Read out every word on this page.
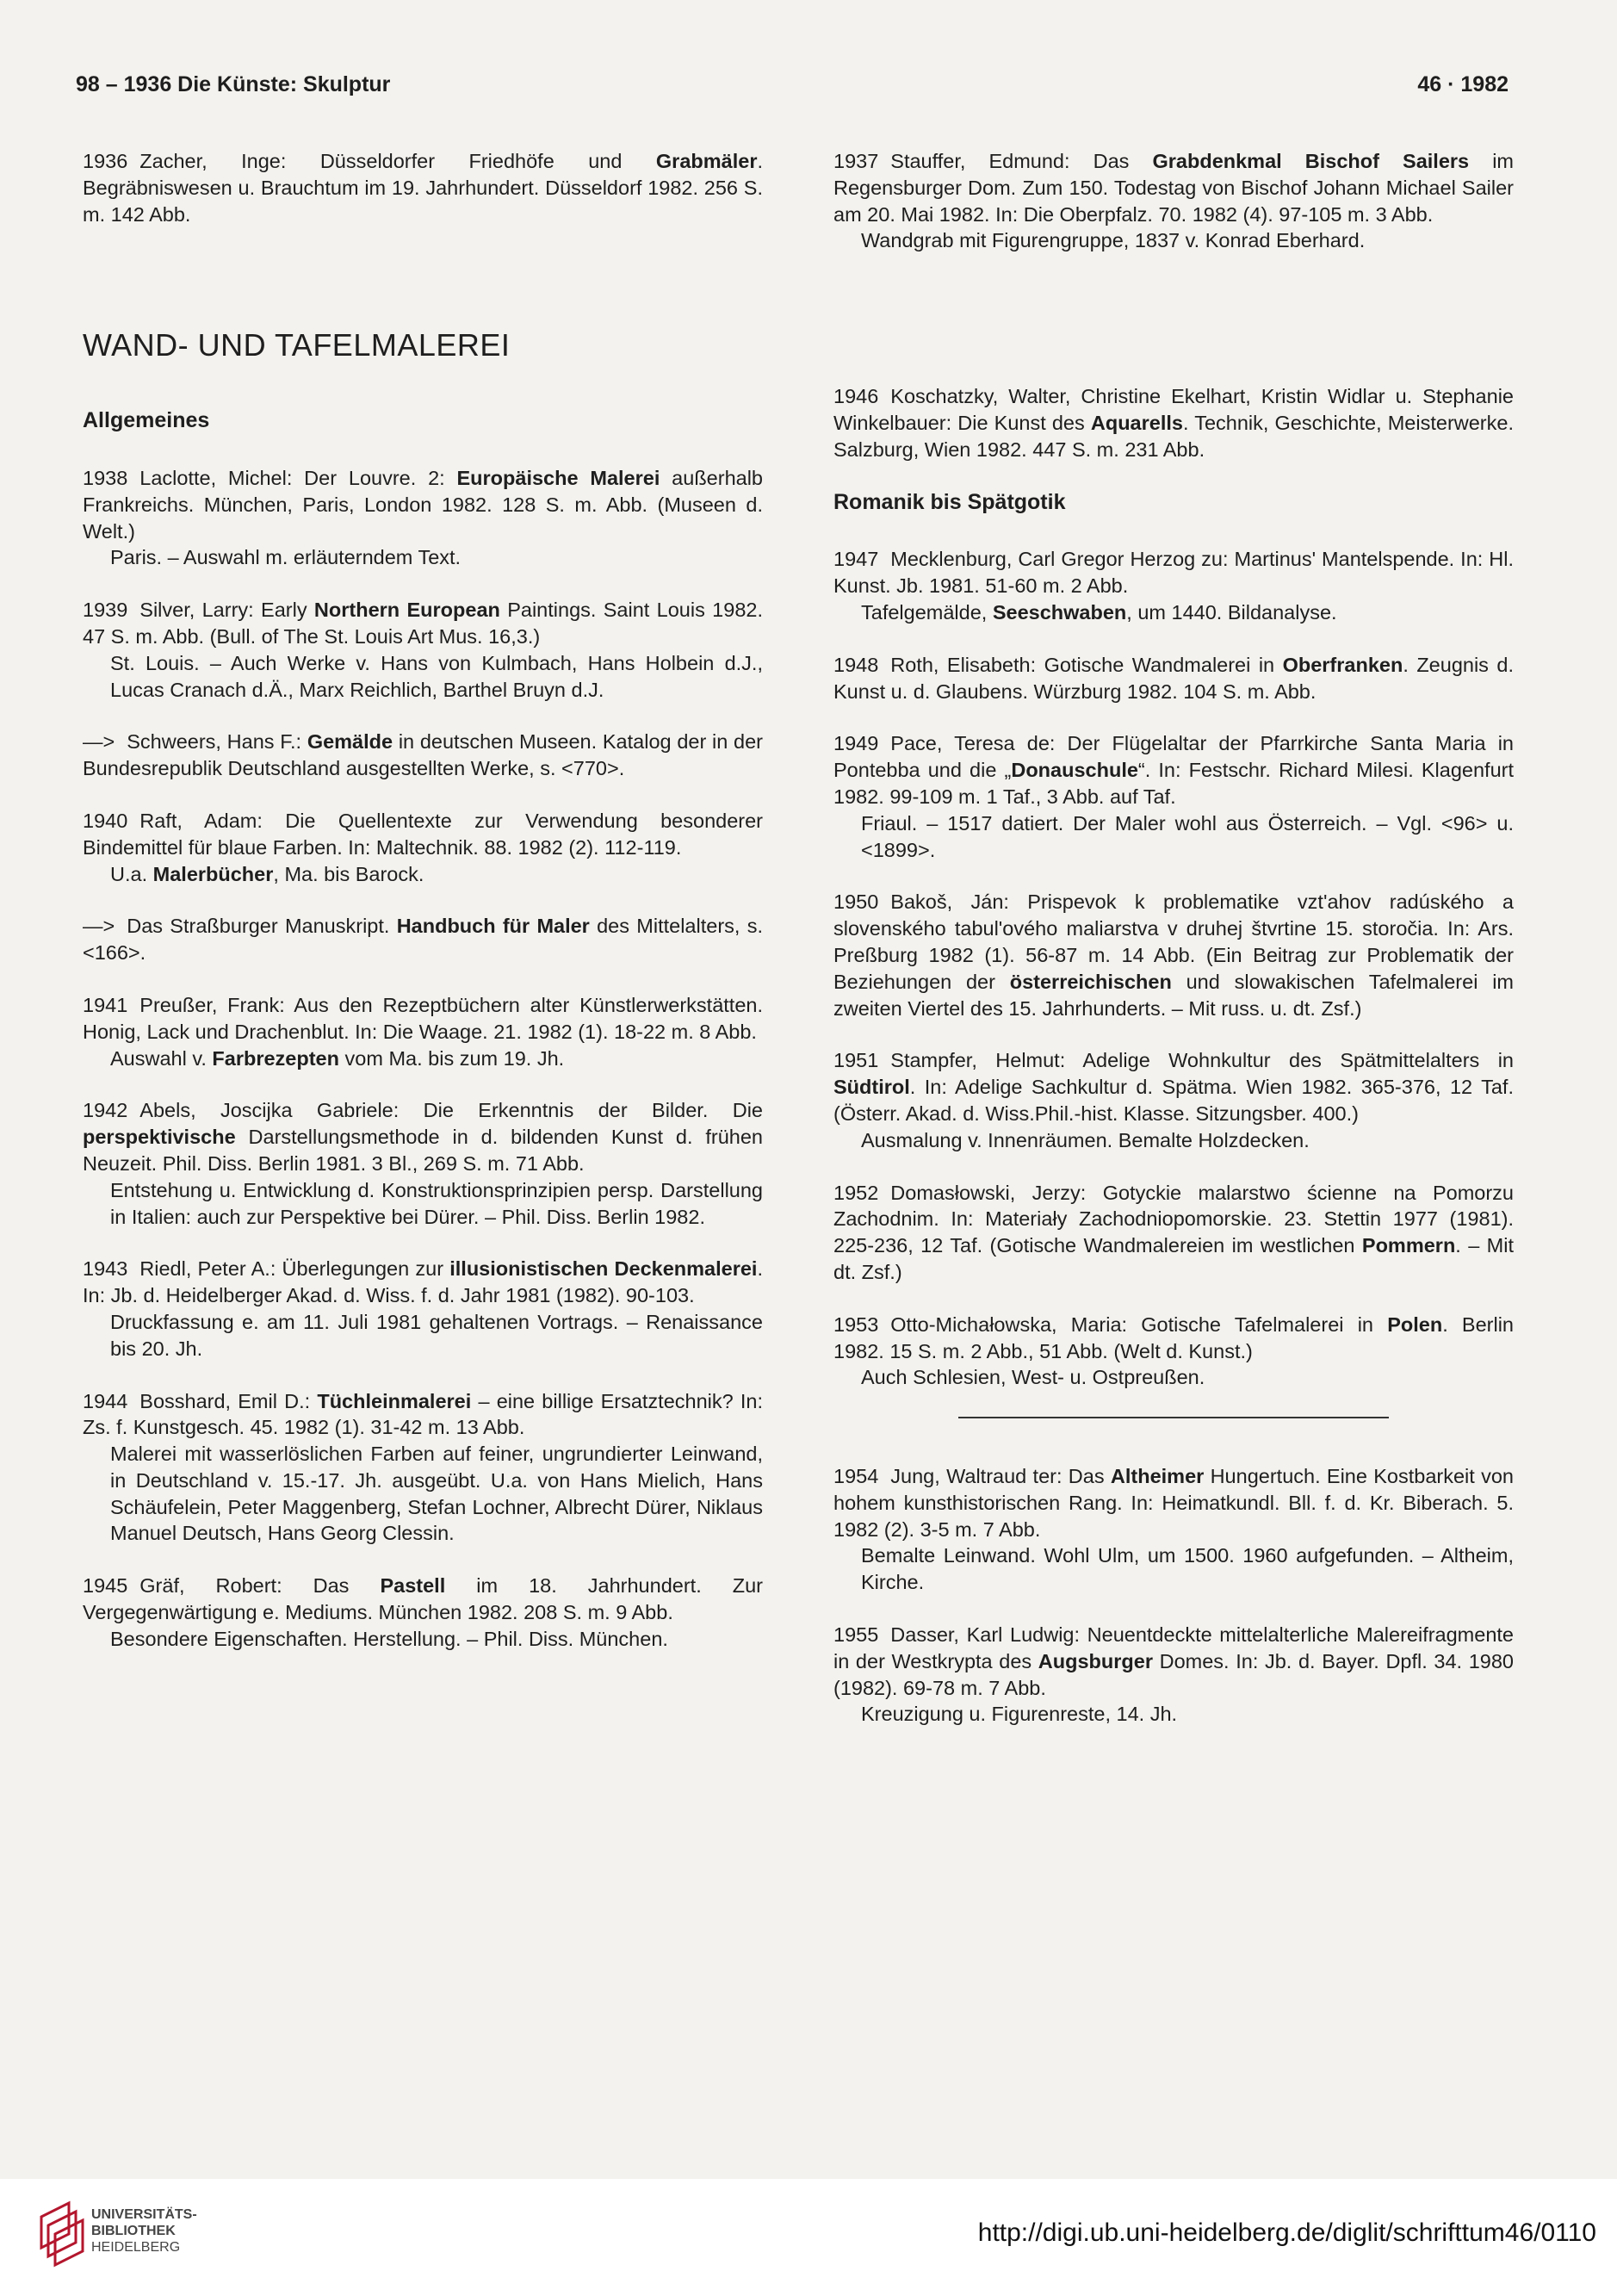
98 – 1936 Die Künste: Skulptur	46 · 1982

1936 Zacher, Inge: Düsseldorfer Friedhöfe und Grabmäler. Begräbniswesen u. Brauchtum im 19. Jahrhundert. Düsseldorf 1982. 256 S. m. 142 Abb.

WAND- UND TAFELMALEREI
Allgemeines

1938 Laclotte, Michel: Der Louvre. 2: Europäische Malerei außerhalb Frankreichs. München, Paris, London 1982. 128 S. m. Abb. (Museen d. Welt.)

Paris. – Auswahl m. erläuterndem Text.

1939 Silver, Larry: Early Northern European Paintings. Saint Louis 1982. 47 S. m. Abb. (Bull. of The St. Louis Art Mus. 16,3.)

St. Louis. – Auch Werke v. Hans von Kulmbach, Hans Holbein d.J., Lucas Cranach d.Ä., Marx Reichlich, Barthel Bruyn d.J.

—> Schweers, Hans F.: Gemälde in deutschen Museen. Katalog der in der Bundesrepublik Deutschland ausgestellten Werke, s. <770>.

1940 Raft, Adam: Die Quellentexte zur Verwendung besonderer Bindemittel für blaue Farben. In: Maltechnik. 88. 1982 (2). 112-119.

U.a. Malerbücher, Ma. bis Barock.

—> Das Straßburger Manuskript. Handbuch für Maler des Mittelalters, s. <166>.

1941 Preußer, Frank: Aus den Rezeptbüchern alter Künstlerwerkstätten. Honig, Lack und Drachenblut. In: Die Waage. 21. 1982 (1). 18-22 m. 8 Abb.

Auswahl v. Farbrezepten vom Ma. bis zum 19. Jh.

1942 Abels, Joscijka Gabriele: Die Erkenntnis der Bilder. Die perspektivische Darstellungsmethode in d. bildenden Kunst d. frühen Neuzeit. Phil. Diss. Berlin 1981. 3 Bl., 269 S. m. 71 Abb.

Entstehung u. Entwicklung d. Konstruktionsprinzipien persp. Darstellung in Italien: auch zur Perspektive bei Dürer. – Phil. Diss. Berlin 1982.

1943 Riedl, Peter A.: Überlegungen zur illusionistischen Deckenmalerei. In: Jb. d. Heidelberger Akad. d. Wiss. f. d. Jahr 1981 (1982). 90-103.

Druckfassung e. am 11. Juli 1981 gehaltenen Vortrags. – Renaissance bis 20. Jh.

1944 Bosshard, Emil D.: Tüchleinmalerei – eine billige Ersatztechnik? In: Zs. f. Kunstgesch. 45. 1982 (1). 31-42 m. 13 Abb.

Malerei mit wasserlöslichen Farben auf feiner, ungrundierter Leinwand, in Deutschland v. 15.-17. Jh. ausgeübt. U.a. von Hans Mielich, Hans Schäufelein, Peter Maggenberg, Stefan Lochner, Albrecht Dürer, Niklaus Manuel Deutsch, Hans Georg Clessin.

1945 Gräf, Robert: Das Pastell im 18. Jahrhundert. Zur Vergegenwärtigung e. Mediums. München 1982. 208 S. m. 9 Abb.

Besondere Eigenschaften. Herstellung. – Phil. Diss. München.

1937 Stauffer, Edmund: Das Grabdenkmal Bischof Sailers im Regensburger Dom. Zum 150. Todestag von Bischof Johann Michael Sailer am 20. Mai 1982. In: Die Oberpfalz. 70. 1982 (4). 97-105 m. 3 Abb.

Wandgrab mit Figurengruppe, 1837 v. Konrad Eberhard.

1946 Koschatzky, Walter, Christine Ekelhart, Kristin Widlar u. Stephanie Winkelbauer: Die Kunst des Aquarells. Technik, Geschichte, Meisterwerke. Salzburg, Wien 1982. 447 S. m. 231 Abb.

Romanik bis Spätgotik

1947 Mecklenburg, Carl Gregor Herzog zu: Martinus' Mantelspende. In: Hl. Kunst. Jb. 1981. 51-60 m. 2 Abb.

Tafelgemälde, Seeschwaben, um 1440. Bildanalyse.

1948 Roth, Elisabeth: Gotische Wandmalerei in Oberfranken. Zeugnis d. Kunst u. d. Glaubens. Würzburg 1982. 104 S. m. Abb.

1949 Pace, Teresa de: Der Flügelaltar der Pfarrkirche Santa Maria in Pontebba und die „Donauschule“. In: Festschr. Richard Milesi. Klagenfurt 1982. 99-109 m. 1 Taf., 3 Abb. auf Taf.

Friaul. – 1517 datiert. Der Maler wohl aus Österreich. – Vgl. <96> u. <1899>.

1950 Bakoš, Ján: Prispevok k problematike vzt'ahov radúského a slovenského tabul'ového maliarstva v druhej štvrtine 15. storočia. In: Ars. Preßburg 1982 (1). 56-87 m. 14 Abb. (Ein Beitrag zur Problematik der Beziehungen der österreichischen und slowakischen Tafelmalerei im zweiten Viertel des 15. Jahrhunderts. – Mit russ. u. dt. Zsf.)

1951 Stampfer, Helmut: Adelige Wohnkultur des Spätmittelalters in Südtirol. In: Adelige Sachkultur d. Spätma. Wien 1982. 365-376, 12 Taf. (Österr. Akad. d. Wiss.Phil.-hist. Klasse. Sitzungsber. 400.)

Ausmalung v. Innenräumen. Bemalte Holzdecken.

1952 Domasłowski, Jerzy: Gotyckie malarstwo ścienne na Pomorzu Zachodnim. In: Materiały Zachodniopomorskie. 23. Stettin 1977 (1981). 225-236, 12 Taf. (Gotische Wandmalereien im westlichen Pommern. – Mit dt. Zsf.)

1953 Otto-Michałowska, Maria: Gotische Tafelmalerei in Polen. Berlin 1982. 15 S. m. 2 Abb., 51 Abb. (Welt d. Kunst.)

Auch Schlesien, West- u. Ostpreußen.

1954 Jung, Waltraud ter: Das Altheimer Hungertuch. Eine Kostbarkeit von hohem kunsthistorischen Rang. In: Heimatkundl. Bll. f. d. Kr. Biberach. 5. 1982 (2). 3-5 m. 7 Abb.

Bemalte Leinwand. Wohl Ulm, um 1500. 1960 aufgefunden. – Altheim, Kirche.

1955 Dasser, Karl Ludwig: Neuentdeckte mittelalterliche Malereifragmente in der Westkrypta des Augsburger Domes. In: Jb. d. Bayer. Dpfl. 34. 1980 (1982). 69-78 m. 7 Abb.

Kreuzigung u. Figurenreste, 14. Jh.

UNIVERSITÄTS-
BIBLIOTHEK
HEIDELBERG
http://digi.ub.uni-heidelberg.de/diglit/schrifttum46/0110
